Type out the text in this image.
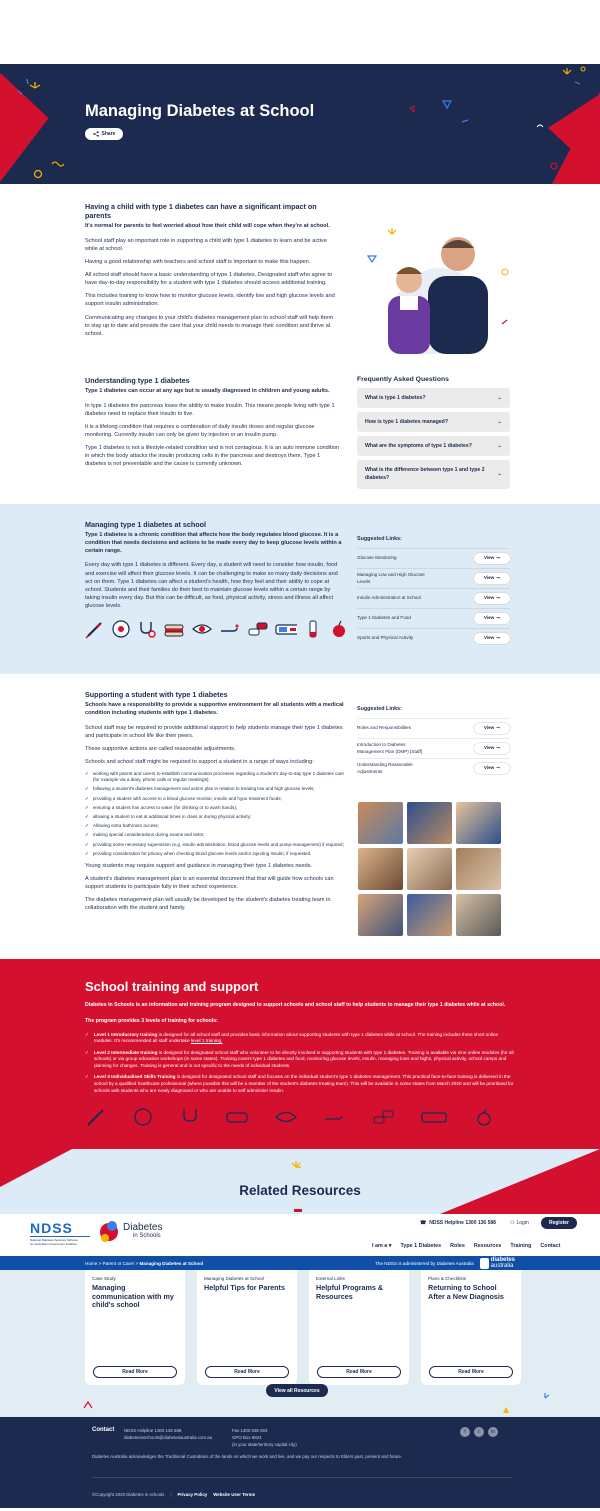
Managing Diabetes at School
Share
Having a child with type 1 diabetes can have a significant impact on parents
It's normal for parents to feel worried about how their child will cope when they're at school.

School staff play an important role in supporting a child with type 1 diabetes to learn and be active while at school.

Having a good relationship with teachers and school staff is important to make this happen.

All school staff should have a basic understanding of type 1 diabetes. Designated staff who agree to have day-to-day responsibility for a student with type 1 diabetes should access additional training.

This includes training to know how to monitor glucose levels, identify low and high glucose levels and support insulin administration.

Communicating any changes to your child's diabetes management plan to school staff will help them to stay up to date and provide the care that your child needs to manage their condition and thrive at school.

Understanding type 1 diabetes
Type 1 diabetes can occur at any age but is usually diagnosed in children and young adults.

In type 1 diabetes the pancreas loses the ability to make insulin. This means people living with type 1 diabetes need to replace their insulin to live.

It is a lifelong condition that requires a combination of daily insulin doses and regular glucose monitoring. Currently insulin can only be given by injection or an insulin pump.

Type 1 diabetes is not a lifestyle-related condition and is not contagious. It is an auto immune condition in which the body attacks the insulin producing cells in the pancreas and destroys them. Type 1 diabetes is not preventable and the cause is currently unknown.

Frequently Asked Questions
What is type 1 diabetes?	⌄
How is type 1 diabetes managed?	⌄
What are the symptoms of type 1 diabetes?	⌄
What is the difference between type 1 and type 2 diabetes?
⌄
Managing type 1 diabetes at school
Type 1 diabetes is a chronic condition that affects how the body regulates blood glucose. It is a condition that needs decisions and actions to be made every day to keep glucose levels within a certain range.

Every day with type 1 diabetes is different. Every day, a student will need to consider how insulin, food and exercise will affect their glucose levels. It can be challenging to make so many daily decisions and act on them. Type 1 diabetes can affect a student's health, how they feel and their ability to cope at school. Students and their families do their best to maintain glucose levels within a certain range by taking insulin every day. But this can be difficult, as food, physical activity, stress and illness all affect glucose levels.

Suggested Links:
Glucose Monitoring	View ⊸
Managing Low and High Glucose Levels
View ⊸
Insulin Administration at School	View ⊸
Type 1 Diabetes and Food	View ⊸
Sports and Physical Activity	View ⊸
Supporting a student with type 1 diabetes
Schools have a responsibility to provide a supportive environment for all students with a medical condition including students with type 1 diabetes.

School staff may be required to provide additional support to help students manage their type 1 diabetes and participate in school life like their peers.

These supportive actions are called reasonable adjustments.

Schools and school staff might be required to support a student in a range of ways including:

✓ working with parent and carers to establish communication processes regarding a student's day-to-day type 1 diabetes care (for example via a diary, phone calls or regular meetings);
✓ following a student's diabetes management and action plan in relation to treating low and high glucose levels;
✓ providing a student with access to a blood glucose monitor, insulin and hypo treatment foods;
✓ ensuring a student has access to water (for drinking or to wash hands);
✓ allowing a student to eat at additional times in class or during physical activity;
✓ Allowing extra bathroom access;
✓ making special considerations during exams and tests;
✓ providing some necessary supervision (e.g. insulin administration, blood glucose levels and pump-management) if required;
✓ providing consideration for privacy when checking blood glucose levels and/or injecting insulin; if requested.

Young students may require support and guidance in managing their type 1 diabetes needs.

A student's diabetes management plan is an essential document that that will guide how schools can support students to participate fully in their school experience.

The diabetes management plan will usually be developed by the student's diabetes treating team in collaboration with the student and family.

Suggested Links:
Roles and Responsibilities	View ⊸
Introduction to Diabetes Management Plan (DMP) [Staff]
View ⊸
Understanding Reasonable Adjustments
View ⊸
School training and support
Diabetes in Schools is an information and training program designed to support schools and school staff to help students to manage their type 1 diabetes while at school.
The program provides 3 levels of training for schools:
✓ Level 1 Introductory training is designed for all school staff and provides basic information about supporting students with type 1 diabetes while at school. The training includes three short online modules. It's recommended all staff undertake level 1 training.
✓ Level 2 Intermediate training is designed for designated school staff who volunteer to be directly involved in supporting students with type 1 diabetes. Training is available via nine online modules (for all schools) or via group education workshops (in some states). Training covers type 1 diabetes and food, monitoring glucose levels, insulin, managing lows and highs, physical activity, school camps and planning for changes. Training is general and is not specific to the needs of individual students.
✓ Level 3 Individualised Skills Training is designed for designated school staff and focuses on the individual student's type 1 diabetes management. This practical face-to-face training is delivered in the school by a qualified healthcare professional (where possible this will be a member of the student's diabetes treating team). This will be available in some states from March 2020 and will be prioritised for schools with students who are newly diagnosed or who are unable to self administer insulin.
Related Resources
NDSS
National Diabetes Services Scheme
An Australian Government Initiative
Diabetes
in Schools
☎ NDSS Helpline 1300 136 588	⚇ Login	Register
I am a ▾ Type 1 Diabetes Roles Resources Training Contact
Home > Parent or Carer > Managing Diabetes at School	The NDSS is administered by Diabetes Australia	diabetes
australia
Case Study
Managing communication with my child's school
Read More
Managing Diabetes at School
Helpful Tips for Parents
Read More
External Links
Helpful Programs & Resources
Read More
Plans & Checklists
Returning to School After a New Diagnosis
Read More
View all Resources
Contact NDSS Helpline 1300 136 588
diabetesinschools@diabetesaustralia.com.au
Fax 1300 536 593
GPO Box 9824
(in your state/territory capital city)
f	t	in
Diabetes Australia acknowledges the Traditional Custodians of the lands on which we work and live, and we pay our respects to Elders past, present and future.
©Copyright 2020 Diabetes in schools | Privacy Policy Website User Terms
